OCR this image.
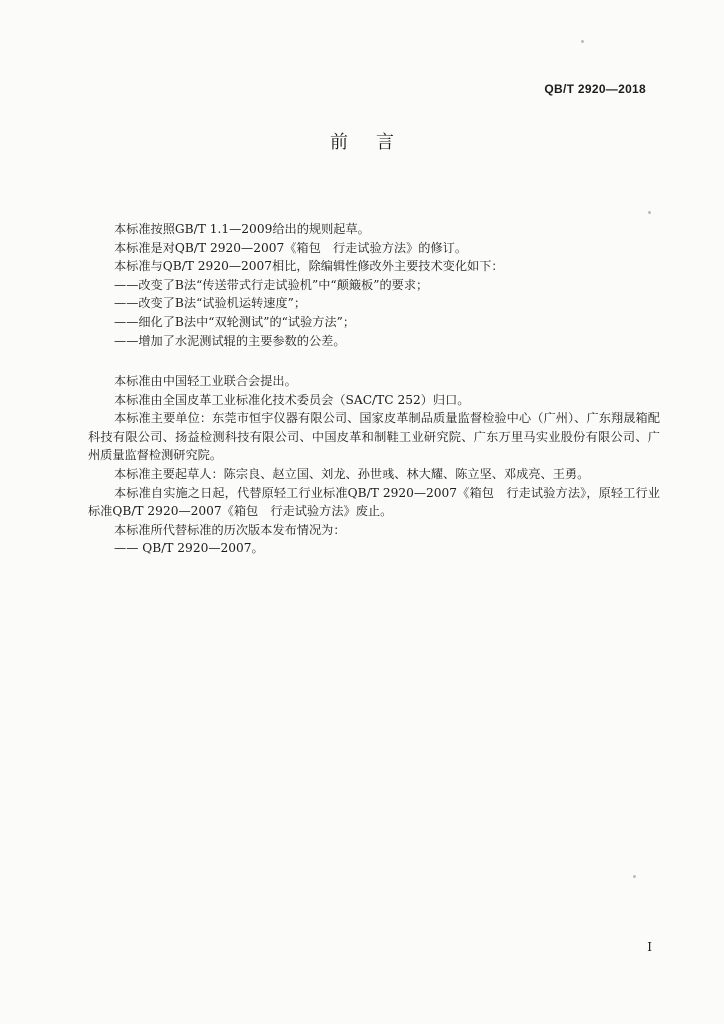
QB/T 2920—2018
前言

本标准按照GB/T 1.1—2009给出的规则起草。

本标准是对QB/T 2920—2007《箱包　行走试验方法》的修订。

本标准与QB/T 2920—2007相比，除编辑性修改外主要技术变化如下：

——改变了B法“传送带式行走试验机”中“颠簸板”的要求；

——改变了B法“试验机运转速度”；

——细化了B法中“双轮测试”的“试验方法”；

——增加了水泥测试辊的主要参数的公差。

本标准由中国轻工业联合会提出。

本标准由全国皮革工业标准化技术委员会（SAC/TC 252）归口。

本标准主要单位：东莞市恒宇仪器有限公司、国家皮革制品质量监督检验中心（广州）、广东翔晟箱配科技有限公司、扬益检测科技有限公司、中国皮革和制鞋工业研究院、广东万里马实业股份有限公司、广州质量监督检测研究院。

本标准主要起草人：陈宗良、赵立国、刘龙、孙世彧、林大耀、陈立坚、邓成亮、王勇。

本标准自实施之日起，代替原轻工行业标准QB/T 2920—2007《箱包　行走试验方法》，原轻工行业标准QB/T 2920—2007《箱包　行走试验方法》废止。

本标准所代替标准的历次版本发布情况为：

—— QB/T 2920—2007。

I
